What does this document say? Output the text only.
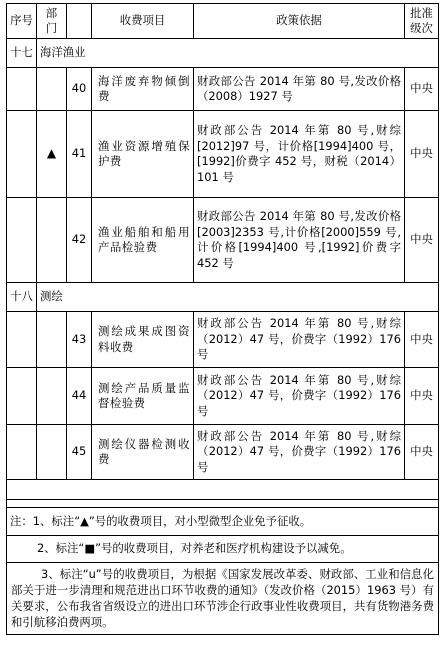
序号	部门		收费项目	政策依据	批准级次
十七	海洋渔业				
		40	海洋废弃物倾倒费	财政部公告 2014 年第 80 号,发改价格（2008）1927 号	中央
	▲	41	渔业资源增殖保护费	财政部公告 2014 年第 80 号,财综[2012]97 号，计价格[1994]400 号，[1992]价费字 452 号，财税（2014）101 号	中央
		42	渔业船舶和船用产品检验费	财政部公告 2014 年第 80 号,发改价格[2003]2353 号,计价格[2000]559 号,计价格[1994]400 号,[1992]价费字 452 号	中央
十八	测绘				
		43	测绘成果成图资料收费	财政部公告 2014 年第 80 号,财综（2012）47 号，价费字（1992）176 号	中央
		44	测绘产品质量监督检验费	财政部公告 2014 年第 80 号,财综（2012）47 号，价费字（1992）176 号	中央
		45	测绘仪器检测收费	财政部公告 2014 年第 80 号,财综（2012）47 号，价费字（1992）176 号	中央

注：1、标注“▲”号的收费项目，对小型微型企业免予征收。					
2、标注“■”号的收费项目，对养老和医疗机构建设予以减免。					
3、标注“u”号的收费项目，为根据《国家发展改革委、财政部、工业和信息化部关于进一步清理和规范进出口环节收费的通知》（发改价格（2015）1963 号）有关要求，公布我省省级设立的进出口环节涉企行政事业性收费项目，共有货物港务费和引航移泊费两项。					
